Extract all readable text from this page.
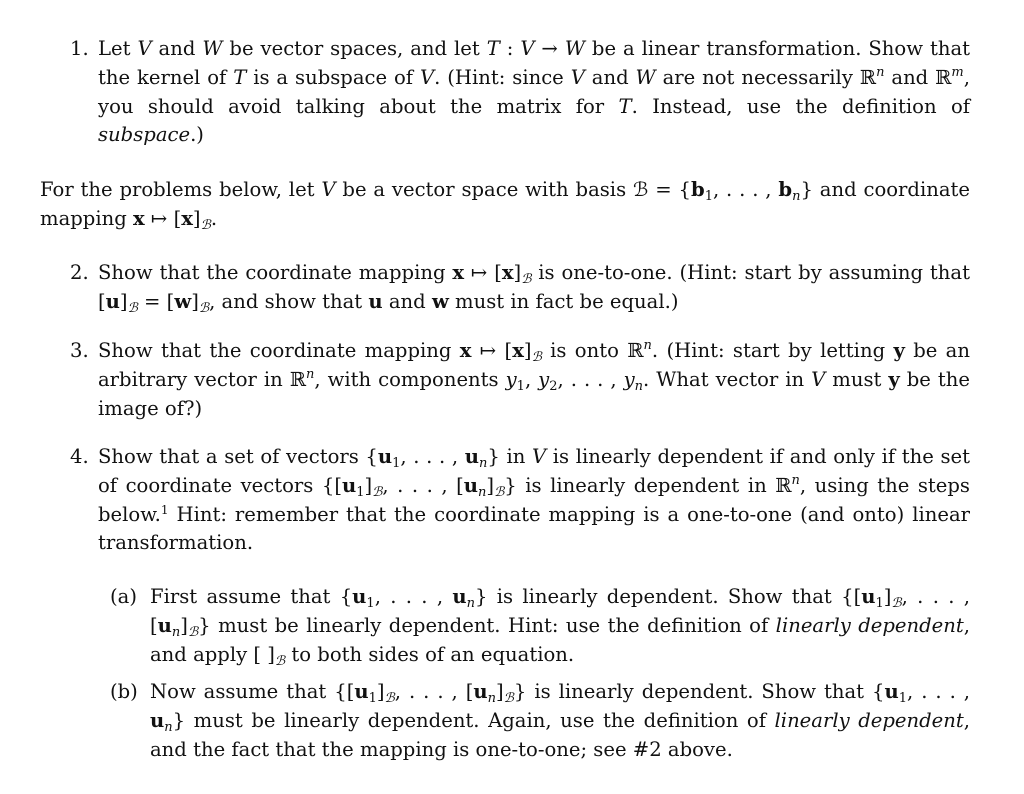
1. Let V and W be vector spaces, and let T : V → W be a linear transformation. Show that the kernel of T is a subspace of V. (Hint: since V and W are not necessarily ℝ$^n$ and ℝ$^m$, you should avoid talking about the matrix for T. Instead, use the definition of subspace.)
For the problems below, let V be a vector space with basis ℬ = {$b_1$, . . . , $b_n$} and coordinate mapping x ↦ $[x]_ℬ$.
2. Show that the coordinate mapping x ↦ $[x]_ℬ$ is one-to-one. (Hint: start by assuming that $[u]_ℬ = [w]_ℬ$, and show that u and w must in fact be equal.)
3. Show that the coordinate mapping x ↦ $[x]_ℬ$ is onto ℝ$^n$. (Hint: start by letting y be an arbitrary vector in ℝ$^n$, with components $y_1$, $y_2$, . . . , $y_n$. What vector in V must y be the image of?)
4. Show that a set of vectors {$u_1$, . . . , $u_n$} in V is linearly dependent if and only if the set of coordinate vectors {$[u_1]_ℬ$, . . . , $[u_n]_ℬ$} is linearly dependent in ℝ$^n$, using the steps below.$^1$ Hint: remember that the coordinate mapping is a one-to-one (and onto) linear transformation.
(a) First assume that {$u_1$, . . . , $u_n$} is linearly dependent. Show that {$[u_1]_ℬ$, . . . , $[u_n]_ℬ$} must be linearly dependent. Hint: use the definition of linearly dependent, and apply [ ]$_ℬ$ to both sides of an equation.
(b) Now assume that {$[u_1]_ℬ$, . . . , $[u_n]_ℬ$} is linearly dependent. Show that {$u_1$, . . . , $u_n$} must be linearly dependent. Again, use the definition of linearly dependent, and the fact that the mapping is one-to-one; see #2 above.
